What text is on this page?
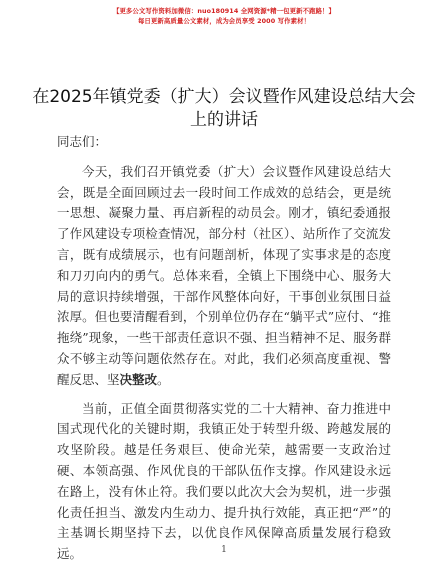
【更多公文写作资料加微信：nuo180914 全网资源*精一包更新不跑路！】
每日更新高质量公文素材，成为会员享受 2000 写作素材！
在2025年镇党委（扩大）会议暨作风建设总结大会上的讲话

同志们：

今天，我们召开镇党委（扩大）会议暨作风建设总结大会，既是全面回顾过去一段时间工作成效的总结会，更是统一思想、凝聚力量、再启新程的动员会。刚才，镇纪委通报了作风建设专项检查情况，部分村（社区）、站所作了交流发言，既有成绩展示，也有问题剖析，体现了实事求是的态度和刀刃向内的勇气。总体来看，全镇上下围绕中心、服务大局的意识持续增强，干部作风整体向好，干事创业氛围日益浓厚。但也要清醒看到，个别单位仍存在“躺平式”应付、“推拖绕”现象，一些干部责任意识不强、担当精神不足、服务群众不够主动等问题依然存在。对此，我们必须高度重视、警醒反思、坚决整改。

当前，正值全面贯彻落实党的二十大精神、奋力推进中国式现代化的关键时期，我镇正处于转型升级、跨越发展的攻坚阶段。越是任务艰巨、使命光荣，越需要一支政治过硬、本领高强、作风优良的干部队伍作支撑。作风建设永远在路上，没有休止符。我们要以此次大会为契机，进一步强化责任担当、激发内生动力、提升执行效能，真正把“严”的主基调长期坚持下去，以优良作风保障高质量发展行稳致远。	1
